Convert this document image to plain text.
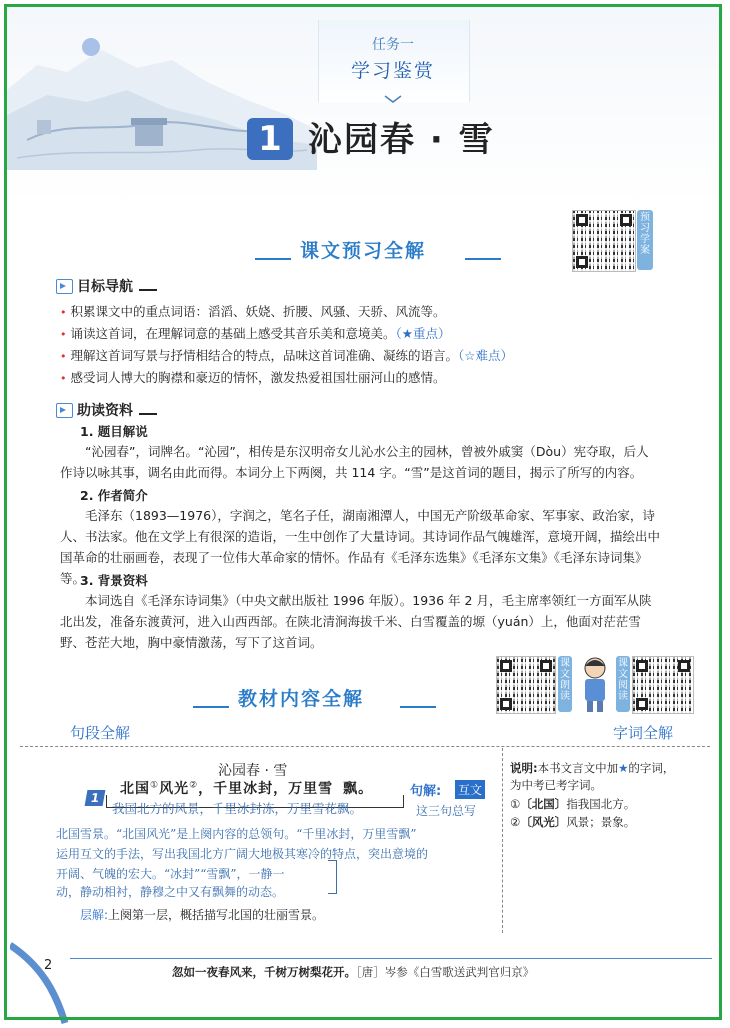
任务一
学习鉴赏
1 沁园春 · 雪
预习学案
课文预习全解
目标导航
• 积累课文中的重点词语：滔滔、妖娆、折腰、风骚、天骄、风流等。
• 诵读这首词，在理解词意的基础上感受其音乐美和意境美。（★重点）
• 理解这首词写景与抒情相结合的特点，品味这首词准确、凝练的语言。（☆难点）
• 感受词人博大的胸襟和豪迈的情怀，激发热爱祖国壮丽河山的感情。
助读资料
1. 题目解说
“沁园春”，词牌名。“沁园”，相传是东汉明帝女儿沁水公主的园林，曾被外戚窦（Dòu）宪夺取，后人作诗以咏其事，调名由此而得。本词分上下两阕，共 114 字。“雪”是这首词的题目，揭示了所写的内容。
2. 作者简介
毛泽东（1893—1976），字润之，笔名子任，湖南湘潭人，中国无产阶级革命家、军事家、政治家，诗人、书法家。他在文学上有很深的造诣，一生中创作了大量诗词。其诗词作品气魄雄浑，意境开阔，描绘出中国革命的壮丽画卷，表现了一位伟大革命家的情怀。作品有《毛泽东选集》《毛泽东文集》《毛泽东诗词集》等。
3. 背景资料
本词选自《毛泽东诗词集》（中央文献出版社 1996 年版）。1936 年 2 月，毛主席率领红一方面军从陕北出发，准备东渡黄河，进入山西西部。在陕北清涧海拔千米、白雪覆盖的塬（yuán）上，他面对茫茫雪野、苍茫大地，胸中豪情激荡，写下了这首词。
课文朗读
课文阅读
教材内容全解
句段全解	字词全解
沁园春 · 雪
1
北国①风光②，千里冰封，万里雪 飘。
我国北方的风景，千里冰封冻，万里雪花飘。
句解: 互文
这三句总写
北国雪景。“北国风光”是上阕内容的总领句。“千里冰封，万里雪飘”
运用互文的手法，写出我国北方广阔大地极其寒冷的特点，突出意境的
开阔、气魄的宏大。“冰封”“雪飘”，一静一
动，静动相衬，静穆之中又有飘舞的动态。
层解:上阕第一层，概括描写北国的壮丽雪景。
说明:本书文言文中加★的字词，
为中考已考字词。
①〔北国〕指我国北方。
②〔风光〕风景；景象。
2	忽如一夜春风来，千树万树梨花开。［唐］岑参《白雪歌送武判官归京》
